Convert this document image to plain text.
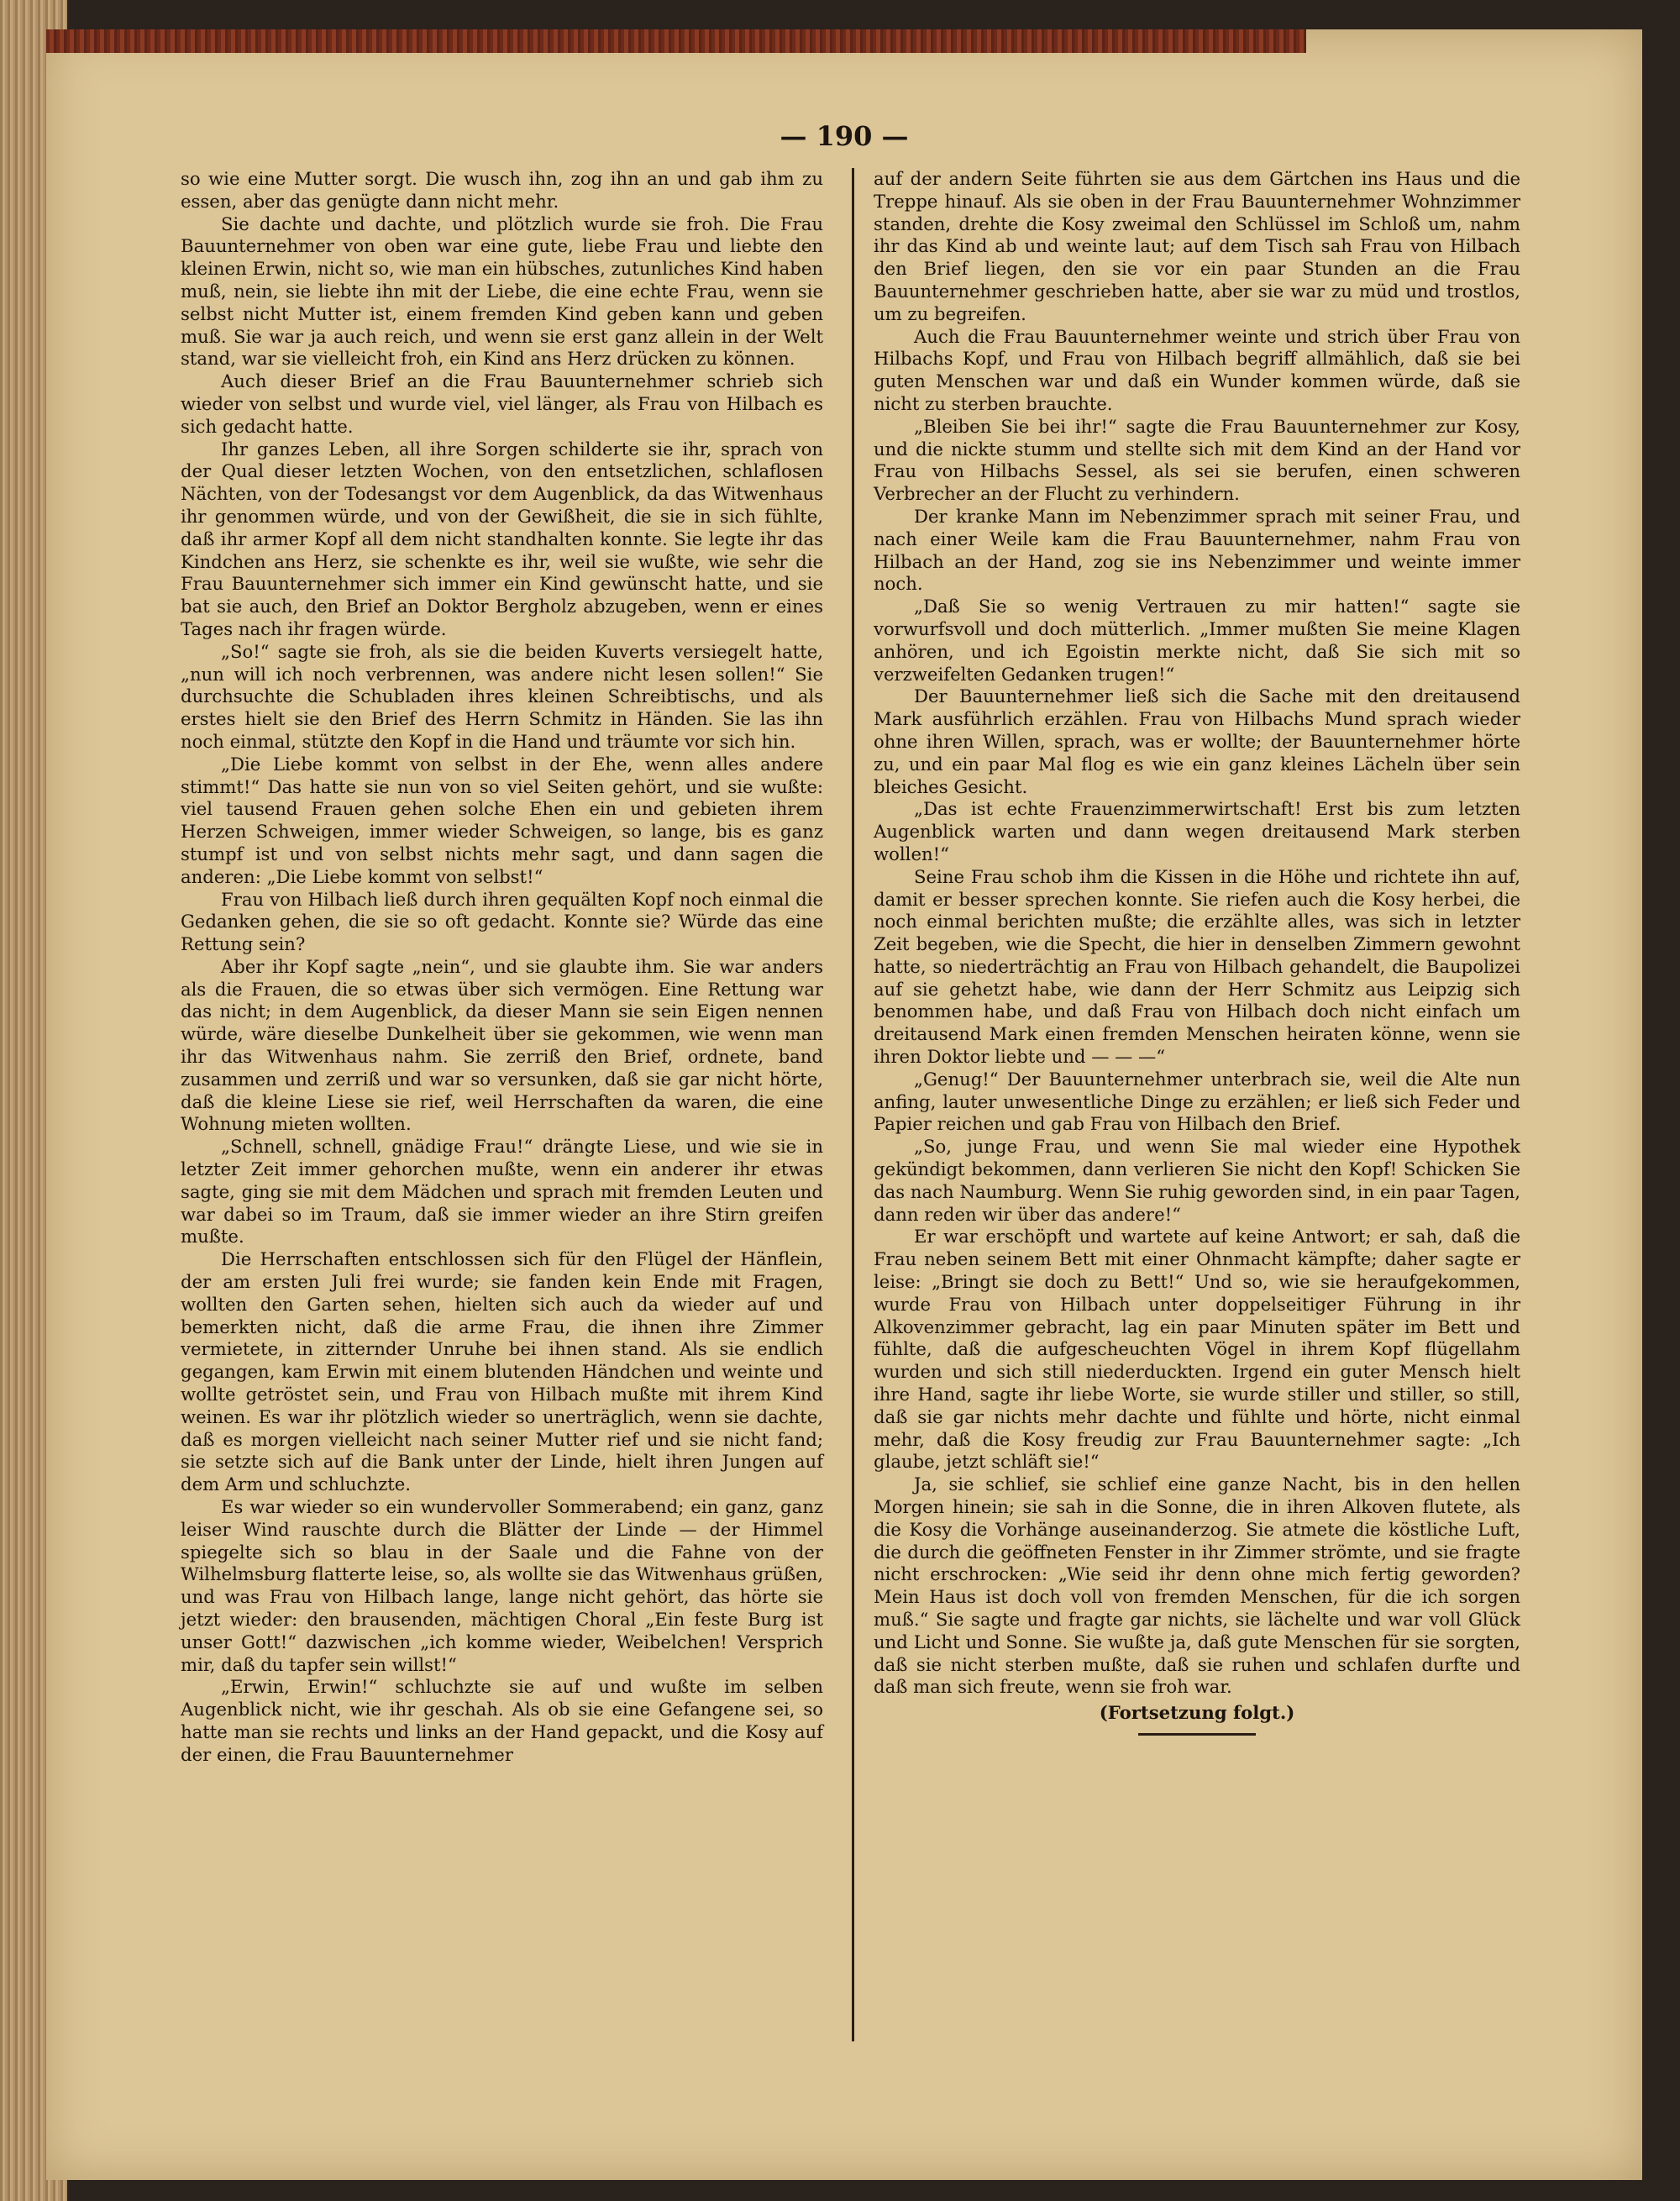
— 190 —

so wie eine Mutter sorgt. Die wusch ihn, zog ihn an und gab ihm zu essen, aber das genügte dann nicht mehr.

Sie dachte und dachte, und plötzlich wurde sie froh. Die Frau Bauunternehmer von oben war eine gute, liebe Frau und liebte den kleinen Erwin, nicht so, wie man ein hübsches, zutunliches Kind haben muß, nein, sie liebte ihn mit der Liebe, die eine echte Frau, wenn sie selbst nicht Mutter ist, einem fremden Kind geben kann und geben muß. Sie war ja auch reich, und wenn sie erst ganz allein in der Welt stand, war sie vielleicht froh, ein Kind ans Herz drücken zu können.

Auch dieser Brief an die Frau Bauunternehmer schrieb sich wieder von selbst und wurde viel, viel länger, als Frau von Hilbach es sich gedacht hatte.

Ihr ganzes Leben, all ihre Sorgen schilderte sie ihr, sprach von der Qual dieser letzten Wochen, von den entsetzlichen, schlaflosen Nächten, von der Todesangst vor dem Augenblick, da das Witwenhaus ihr genommen würde, und von der Gewißheit, die sie in sich fühlte, daß ihr armer Kopf all dem nicht standhalten konnte. Sie legte ihr das Kindchen ans Herz, sie schenkte es ihr, weil sie wußte, wie sehr die Frau Bauunternehmer sich immer ein Kind gewünscht hatte, und sie bat sie auch, den Brief an Doktor Bergholz abzugeben, wenn er eines Tages nach ihr fragen würde.

„So!“ sagte sie froh, als sie die beiden Kuverts versiegelt hatte, „nun will ich noch verbrennen, was andere nicht lesen sollen!“ Sie durchsuchte die Schubladen ihres kleinen Schreibtischs, und als erstes hielt sie den Brief des Herrn Schmitz in Händen. Sie las ihn noch einmal, stützte den Kopf in die Hand und träumte vor sich hin.

„Die Liebe kommt von selbst in der Ehe, wenn alles andere stimmt!“ Das hatte sie nun von so viel Seiten gehört, und sie wußte: viel tausend Frauen gehen solche Ehen ein und gebieten ihrem Herzen Schweigen, immer wieder Schweigen, so lange, bis es ganz stumpf ist und von selbst nichts mehr sagt, und dann sagen die anderen: „Die Liebe kommt von selbst!“

Frau von Hilbach ließ durch ihren gequälten Kopf noch einmal die Gedanken gehen, die sie so oft gedacht. Konnte sie? Würde das eine Rettung sein?

Aber ihr Kopf sagte „nein“, und sie glaubte ihm. Sie war anders als die Frauen, die so etwas über sich vermögen. Eine Rettung war das nicht; in dem Augenblick, da dieser Mann sie sein Eigen nennen würde, wäre dieselbe Dunkelheit über sie gekommen, wie wenn man ihr das Witwenhaus nahm. Sie zerriß den Brief, ordnete, band zusammen und zerriß und war so versunken, daß sie gar nicht hörte, daß die kleine Liese sie rief, weil Herrschaften da waren, die eine Wohnung mieten wollten.

„Schnell, schnell, gnädige Frau!“ drängte Liese, und wie sie in letzter Zeit immer gehorchen mußte, wenn ein anderer ihr etwas sagte, ging sie mit dem Mädchen und sprach mit fremden Leuten und war dabei so im Traum, daß sie immer wieder an ihre Stirn greifen mußte.

Die Herrschaften entschlossen sich für den Flügel der Hänflein, der am ersten Juli frei wurde; sie fanden kein Ende mit Fragen, wollten den Garten sehen, hielten sich auch da wieder auf und bemerkten nicht, daß die arme Frau, die ihnen ihre Zimmer vermietete, in zitternder Unruhe bei ihnen stand. Als sie endlich gegangen, kam Erwin mit einem blutenden Händchen und weinte und wollte getröstet sein, und Frau von Hilbach mußte mit ihrem Kind weinen. Es war ihr plötzlich wieder so unerträglich, wenn sie dachte, daß es morgen vielleicht nach seiner Mutter rief und sie nicht fand; sie setzte sich auf die Bank unter der Linde, hielt ihren Jungen auf dem Arm und schluchzte.

Es war wieder so ein wundervoller Sommerabend; ein ganz, ganz leiser Wind rauschte durch die Blätter der Linde — der Himmel spiegelte sich so blau in der Saale und die Fahne von der Wilhelmsburg flatterte leise, so, als wollte sie das Witwenhaus grüßen, und was Frau von Hilbach lange, lange nicht gehört, das hörte sie jetzt wieder: den brausenden, mächtigen Choral „Ein feste Burg ist unser Gott!“ dazwischen „ich komme wieder, Weibelchen! Versprich mir, daß du tapfer sein willst!“

„Erwin, Erwin!“ schluchzte sie auf und wußte im selben Augenblick nicht, wie ihr geschah. Als ob sie eine Gefangene sei, so hatte man sie rechts und links an der Hand gepackt, und die Kosy auf der einen, die Frau Bauunternehmer

auf der andern Seite führten sie aus dem Gärtchen ins Haus und die Treppe hinauf. Als sie oben in der Frau Bauunternehmer Wohnzimmer standen, drehte die Kosy zweimal den Schlüssel im Schloß um, nahm ihr das Kind ab und weinte laut; auf dem Tisch sah Frau von Hilbach den Brief liegen, den sie vor ein paar Stunden an die Frau Bauunternehmer geschrieben hatte, aber sie war zu müd und trostlos, um zu begreifen.

Auch die Frau Bauunternehmer weinte und strich über Frau von Hilbachs Kopf, und Frau von Hilbach begriff allmählich, daß sie bei guten Menschen war und daß ein Wunder kommen würde, daß sie nicht zu sterben brauchte.

„Bleiben Sie bei ihr!“ sagte die Frau Bauunternehmer zur Kosy, und die nickte stumm und stellte sich mit dem Kind an der Hand vor Frau von Hilbachs Sessel, als sei sie berufen, einen schweren Verbrecher an der Flucht zu verhindern.

Der kranke Mann im Nebenzimmer sprach mit seiner Frau, und nach einer Weile kam die Frau Bauunternehmer, nahm Frau von Hilbach an der Hand, zog sie ins Nebenzimmer und weinte immer noch.

„Daß Sie so wenig Vertrauen zu mir hatten!“ sagte sie vorwurfsvoll und doch mütterlich. „Immer mußten Sie meine Klagen anhören, und ich Egoistin merkte nicht, daß Sie sich mit so verzweifelten Gedanken trugen!“

Der Bauunternehmer ließ sich die Sache mit den dreitausend Mark ausführlich erzählen. Frau von Hilbachs Mund sprach wieder ohne ihren Willen, sprach, was er wollte; der Bauunternehmer hörte zu, und ein paar Mal flog es wie ein ganz kleines Lächeln über sein bleiches Gesicht.

„Das ist echte Frauenzimmerwirtschaft! Erst bis zum letzten Augenblick warten und dann wegen dreitausend Mark sterben wollen!“

Seine Frau schob ihm die Kissen in die Höhe und richtete ihn auf, damit er besser sprechen konnte. Sie riefen auch die Kosy herbei, die noch einmal berichten mußte; die erzählte alles, was sich in letzter Zeit begeben, wie die Specht, die hier in denselben Zimmern gewohnt hatte, so niederträchtig an Frau von Hilbach gehandelt, die Baupolizei auf sie gehetzt habe, wie dann der Herr Schmitz aus Leipzig sich benommen habe, und daß Frau von Hilbach doch nicht einfach um dreitausend Mark einen fremden Menschen heiraten könne, wenn sie ihren Doktor liebte und — — —“

„Genug!“ Der Bauunternehmer unterbrach sie, weil die Alte nun anfing, lauter unwesentliche Dinge zu erzählen; er ließ sich Feder und Papier reichen und gab Frau von Hilbach den Brief.

„So, junge Frau, und wenn Sie mal wieder eine Hypothek gekündigt bekommen, dann verlieren Sie nicht den Kopf! Schicken Sie das nach Naumburg. Wenn Sie ruhig geworden sind, in ein paar Tagen, dann reden wir über das andere!“

Er war erschöpft und wartete auf keine Antwort; er sah, daß die Frau neben seinem Bett mit einer Ohnmacht kämpfte; daher sagte er leise: „Bringt sie doch zu Bett!“ Und so, wie sie heraufgekommen, wurde Frau von Hilbach unter doppelseitiger Führung in ihr Alkovenzimmer gebracht, lag ein paar Minuten später im Bett und fühlte, daß die aufgescheuchten Vögel in ihrem Kopf flügellahm wurden und sich still niederduckten. Irgend ein guter Mensch hielt ihre Hand, sagte ihr liebe Worte, sie wurde stiller und stiller, so still, daß sie gar nichts mehr dachte und fühlte und hörte, nicht einmal mehr, daß die Kosy freudig zur Frau Bauunternehmer sagte: „Ich glaube, jetzt schläft sie!“

Ja, sie schlief, sie schlief eine ganze Nacht, bis in den hellen Morgen hinein; sie sah in die Sonne, die in ihren Alkoven flutete, als die Kosy die Vorhänge auseinanderzog. Sie atmete die köstliche Luft, die durch die geöffneten Fenster in ihr Zimmer strömte, und sie fragte nicht erschrocken: „Wie seid ihr denn ohne mich fertig geworden? Mein Haus ist doch voll von fremden Menschen, für die ich sorgen muß.“ Sie sagte und fragte gar nichts, sie lächelte und war voll Glück und Licht und Sonne. Sie wußte ja, daß gute Menschen für sie sorgten, daß sie nicht sterben mußte, daß sie ruhen und schlafen durfte und daß man sich freute, wenn sie froh war.

(Fortsetzung folgt.)
